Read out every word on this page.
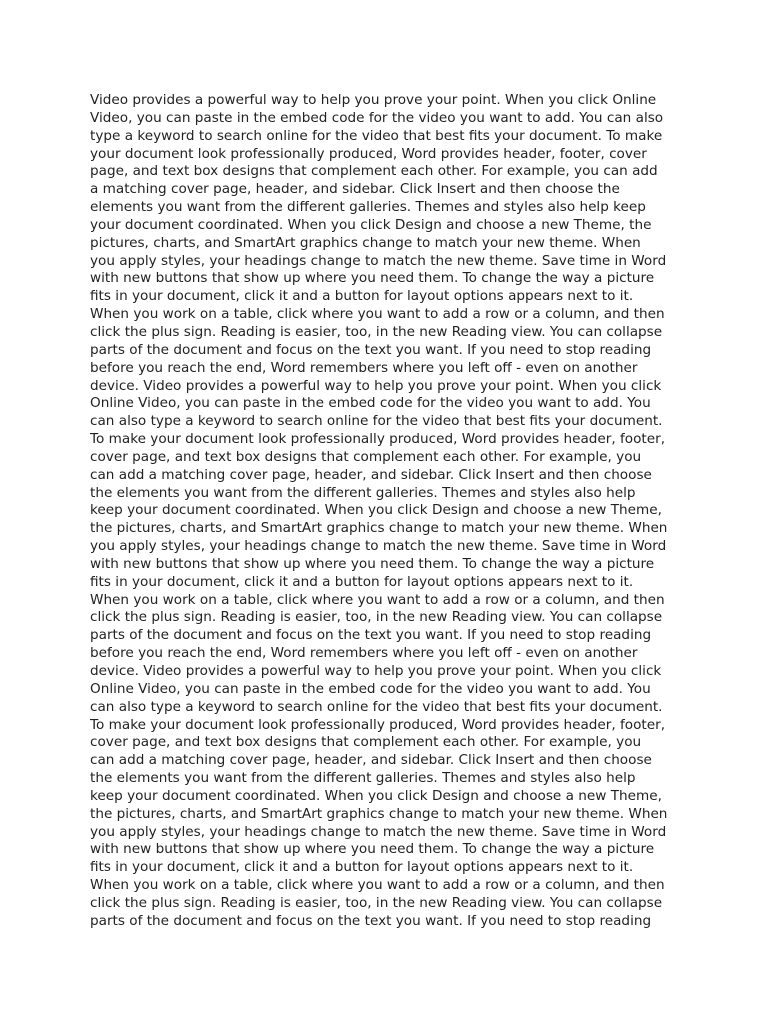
Video provides a powerful way to help you prove your point. When you click Online
Video, you can paste in the embed code for the video you want to add. You can also
type a keyword to search online for the video that best fits your document. To make
your document look professionally produced, Word provides header, footer, cover
page, and text box designs that complement each other. For example, you can add
a matching cover page, header, and sidebar. Click Insert and then choose the
elements you want from the different galleries. Themes and styles also help keep
your document coordinated. When you click Design and choose a new Theme, the
pictures, charts, and SmartArt graphics change to match your new theme. When
you apply styles, your headings change to match the new theme. Save time in Word
with new buttons that show up where you need them. To change the way a picture
fits in your document, click it and a button for layout options appears next to it.
When you work on a table, click where you want to add a row or a column, and then
click the plus sign. Reading is easier, too, in the new Reading view. You can collapse
parts of the document and focus on the text you want. If you need to stop reading
before you reach the end, Word remembers where you left off - even on another
device. Video provides a powerful way to help you prove your point. When you click
Online Video, you can paste in the embed code for the video you want to add. You
can also type a keyword to search online for the video that best fits your document.
To make your document look professionally produced, Word provides header, footer,
cover page, and text box designs that complement each other. For example, you
can add a matching cover page, header, and sidebar. Click Insert and then choose
the elements you want from the different galleries. Themes and styles also help
keep your document coordinated. When you click Design and choose a new Theme,
the pictures, charts, and SmartArt graphics change to match your new theme. When
you apply styles, your headings change to match the new theme. Save time in Word
with new buttons that show up where you need them. To change the way a picture
fits in your document, click it and a button for layout options appears next to it.
When you work on a table, click where you want to add a row or a column, and then
click the plus sign. Reading is easier, too, in the new Reading view. You can collapse
parts of the document and focus on the text you want. If you need to stop reading
before you reach the end, Word remembers where you left off - even on another
device. Video provides a powerful way to help you prove your point. When you click
Online Video, you can paste in the embed code for the video you want to add. You
can also type a keyword to search online for the video that best fits your document.
To make your document look professionally produced, Word provides header, footer,
cover page, and text box designs that complement each other. For example, you
can add a matching cover page, header, and sidebar. Click Insert and then choose
the elements you want from the different galleries. Themes and styles also help
keep your document coordinated. When you click Design and choose a new Theme,
the pictures, charts, and SmartArt graphics change to match your new theme. When
you apply styles, your headings change to match the new theme. Save time in Word
with new buttons that show up where you need them. To change the way a picture
fits in your document, click it and a button for layout options appears next to it.
When you work on a table, click where you want to add a row or a column, and then
click the plus sign. Reading is easier, too, in the new Reading view. You can collapse
parts of the document and focus on the text you want. If you need to stop reading
